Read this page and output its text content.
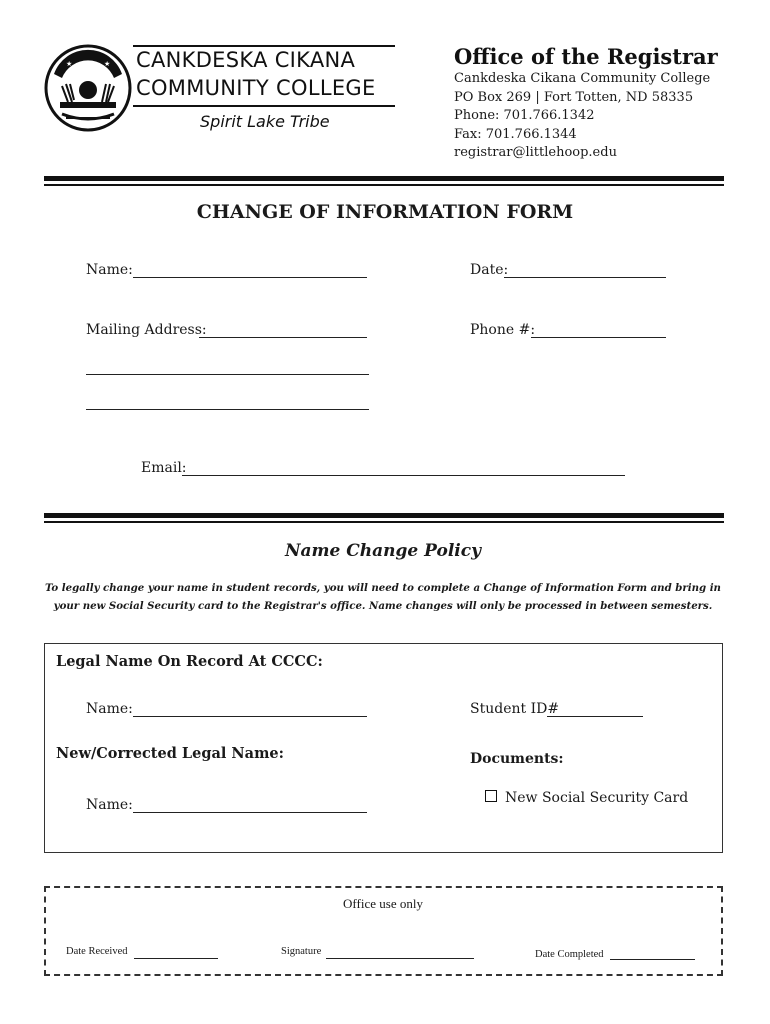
★ ★ ★
★	★ CANKDESKA CIKANA
COMMUNITY COLLEGE
Spirit Lake Tribe
Office of the Registrar
Cankdeska Cikana Community College
PO Box 269 | Fort Totten, ND 58335
Phone: 701.766.1342
Fax: 701.766.1344
registrar@littlehoop.edu
CHANGE OF INFORMATION FORM
Name:	Date:
Mailing Address:	Phone #:
Email:
Name Change Policy
To legally change your name in student records, you will need to complete a Change of Information Form and bring in
your new Social Security card to the Registrar's office. Name changes will only be processed in between semesters.
Legal Name On Record At CCCC:
Name:	Student ID#
New/Corrected Legal Name:	Documents:
New Social Security Card
Name:
Office use only
Date Received	Signature	Date Completed
